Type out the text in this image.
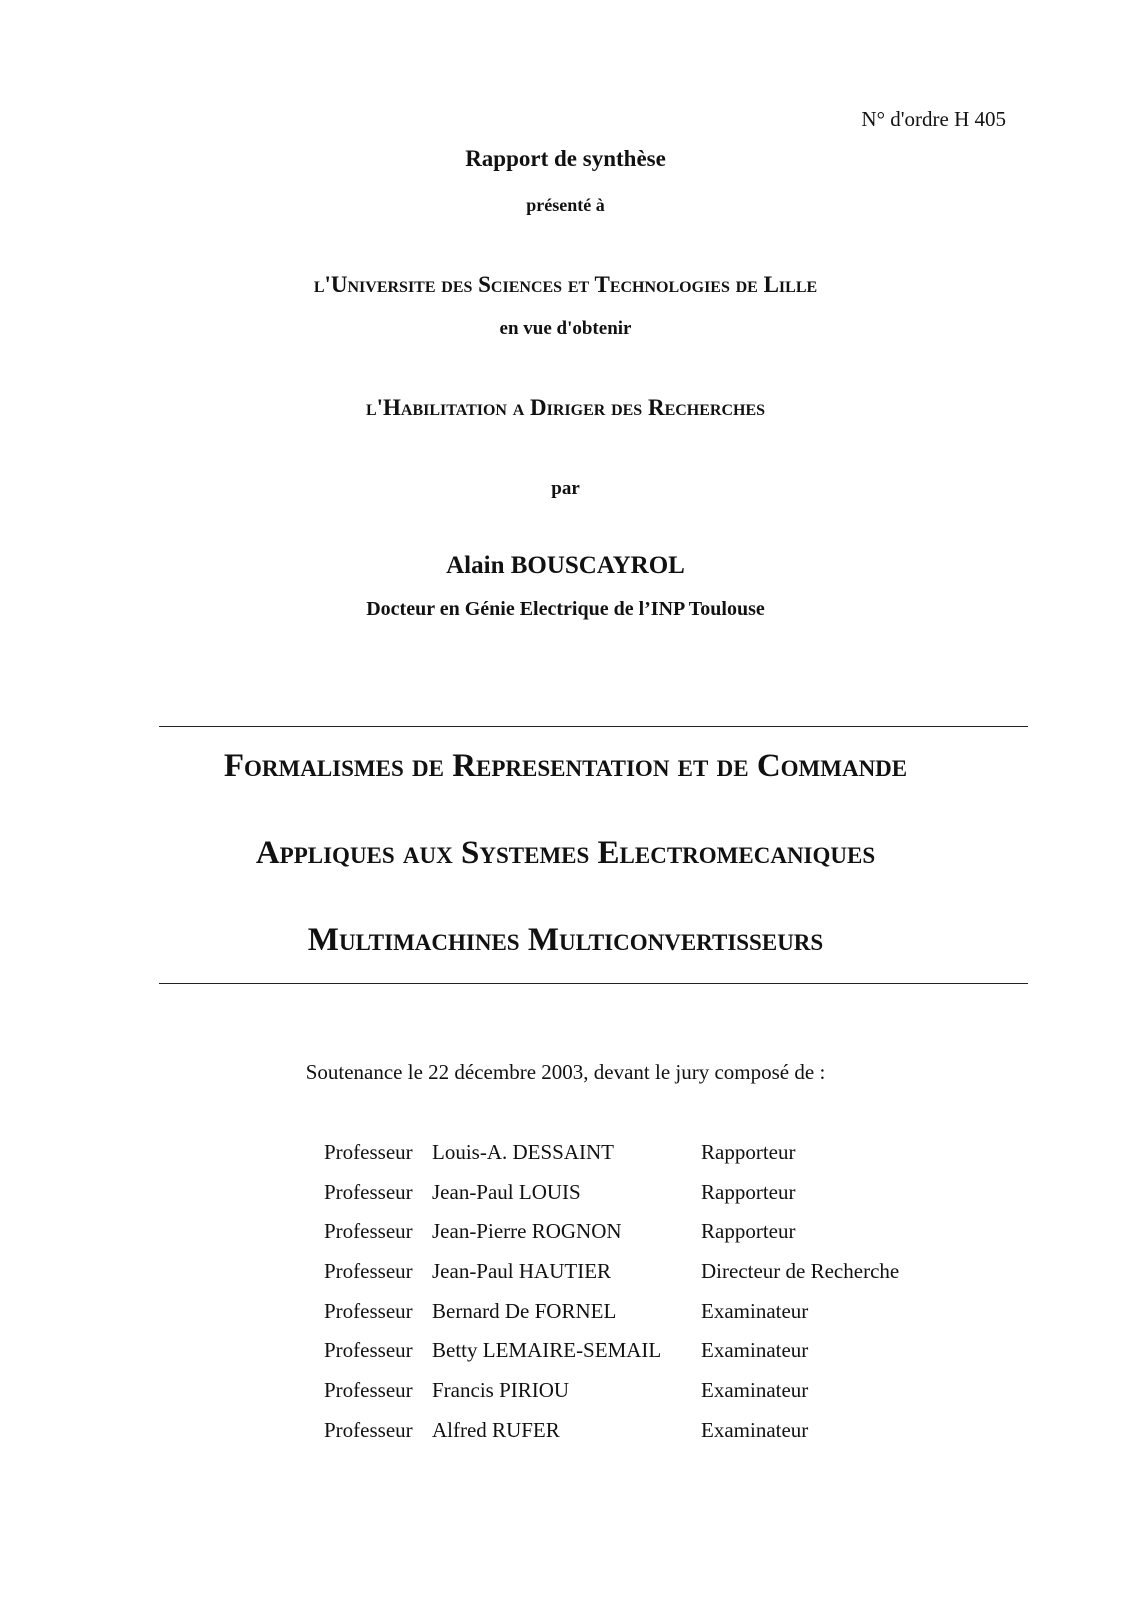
N° d'ordre H 405
Rapport de synthèse
présenté à
l'Universite des Sciences et Technologies de Lille
en vue d'obtenir
l'Habilitation a Diriger des Recherches
par
Alain BOUSCAYROL
Docteur en Génie Electrique de l’INP Toulouse
Formalismes de Representation et de Commande
Appliques aux Systemes Electromecaniques
Multimachines Multiconvertisseurs
Soutenance le 22 décembre 2003, devant le jury composé de :
Professeur Louis-A. DESSAINT	Rapporteur
Professeur Jean-Paul LOUIS	Rapporteur
Professeur Jean-Pierre ROGNON	Rapporteur
Professeur Jean-Paul HAUTIER	Directeur de Recherche
Professeur Bernard De FORNEL	Examinateur
Professeur Betty LEMAIRE-SEMAIL Examinateur
Professeur Francis PIRIOU	Examinateur
Professeur Alfred RUFER	Examinateur
